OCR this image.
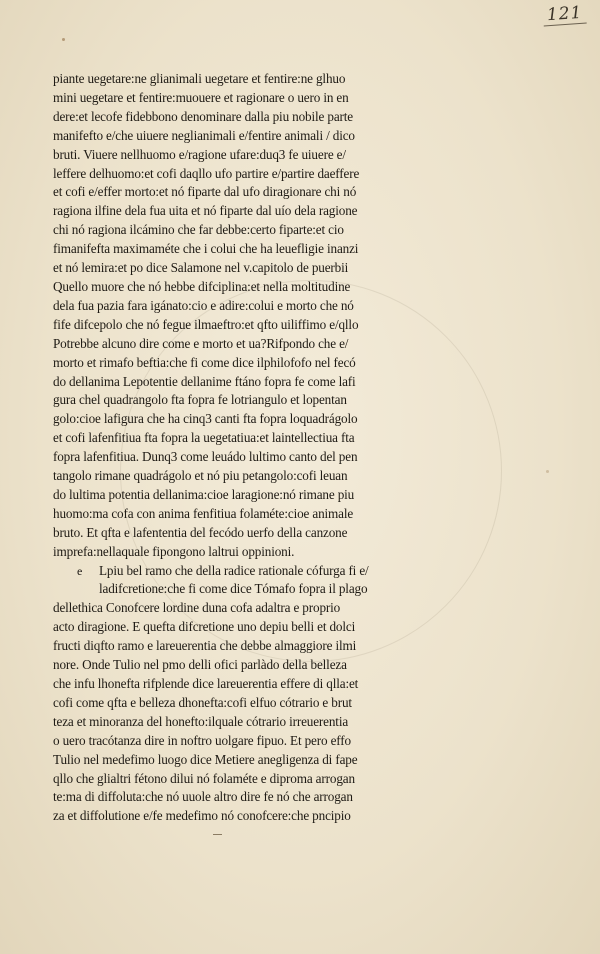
121
piante uegetare:ne glianimali uegetare et fentire:ne glhuo
mini uegetare et fentire:muouere et ragionare o uero in en
dere:et lecofe fidebbono denominare dalla piu nobile parte
manifefto e/che uiuere neglianimali e/fentire animali / dico
bruti. Viuere nellhuomo e/ragione ufare:duq3 fe uiuere e/
leffere delhuomo:et cofi daqllo ufo partire e/partire daeffere
et cofi e/effer morto:et nó fiparte dal ufo diragionare chi nó
ragiona ilfine dela fua uita et nó fiparte dal uío dela ragione
chi nó ragiona ilcámino che far debbe:certo fiparte:et cio
fimanifefta maximaméte che i colui che ha leuefligie inanzi
et nó lemira:et po dice Salamone nel v.capitolo de puerbii
Quello muore che nó hebbe difciplina:et nella moltitudine
dela fua pazia fara igánato:cio e adire:colui e morto che nó
fife difcepolo che nó fegue ilmaeftro:et qfto uiliffimo e/qllo
Potrebbe alcuno dire come e morto et ua?Rifpondo che e/
morto et rimafo beftia:che fi come dice ilphilofofo nel fecó
do dellanima Lepotentie dellanime ftáno fopra fe come lafi
gura chel quadrangolo fta fopra fe lotriangulo et lopentan
golo:cioe lafigura che ha cinq3 canti fta fopra loquadrágolo
et cofi lafenfitiua fta fopra la uegetatiua:et laintellectiua fta
fopra lafenfitiua. Dunq3 come leuádo lultimo canto del pen
tangolo rimane quadrágolo et nó piu petangolo:cofi leuan
do lultima potentia dellanima:cioe laragione:nó rimane piu
huomo:ma cofa con anima fenfitiua folaméte:cioe animale
bruto. Et qfta e lafententia del fecódo uerfo della canzone
imprefa:nellaquale fipongono laltrui oppinioni.
e Lpiu bel ramo che della radice rationale cófurga fi e/
ladifcretione:che fi come dice Tómafo fopra il plago
dellethica Conofcere lordine duna cofa adaltra e proprio
acto diragione. E quefta difcretione uno depiu belli et dolci
fructi diqfto ramo e lareuerentia che debbe almaggiore ilmi
nore. Onde Tulio nel pmo delli ofici parlàdo della belleza
che infu lhonefta rifplende dice lareuerentia effere di qlla:et
cofi come qfta e belleza dhonefta:cofi elfuo cótrario e brut
teza et minoranza del honefto:ilquale cótrario irreuerentia
o uero tracótanza dire in noftro uolgare fipuo. Et pero effo
Tulio nel medefimo luogo dice Metiere anegligenza di fape
qllo che glialtri fétono dilui nó folaméte e diproma arrogan
te:ma di diffoluta:che nó uuole altro dire fe nó che arrogan
za et diffolutione e/fe medefimo nó conofcere:che pncipio
